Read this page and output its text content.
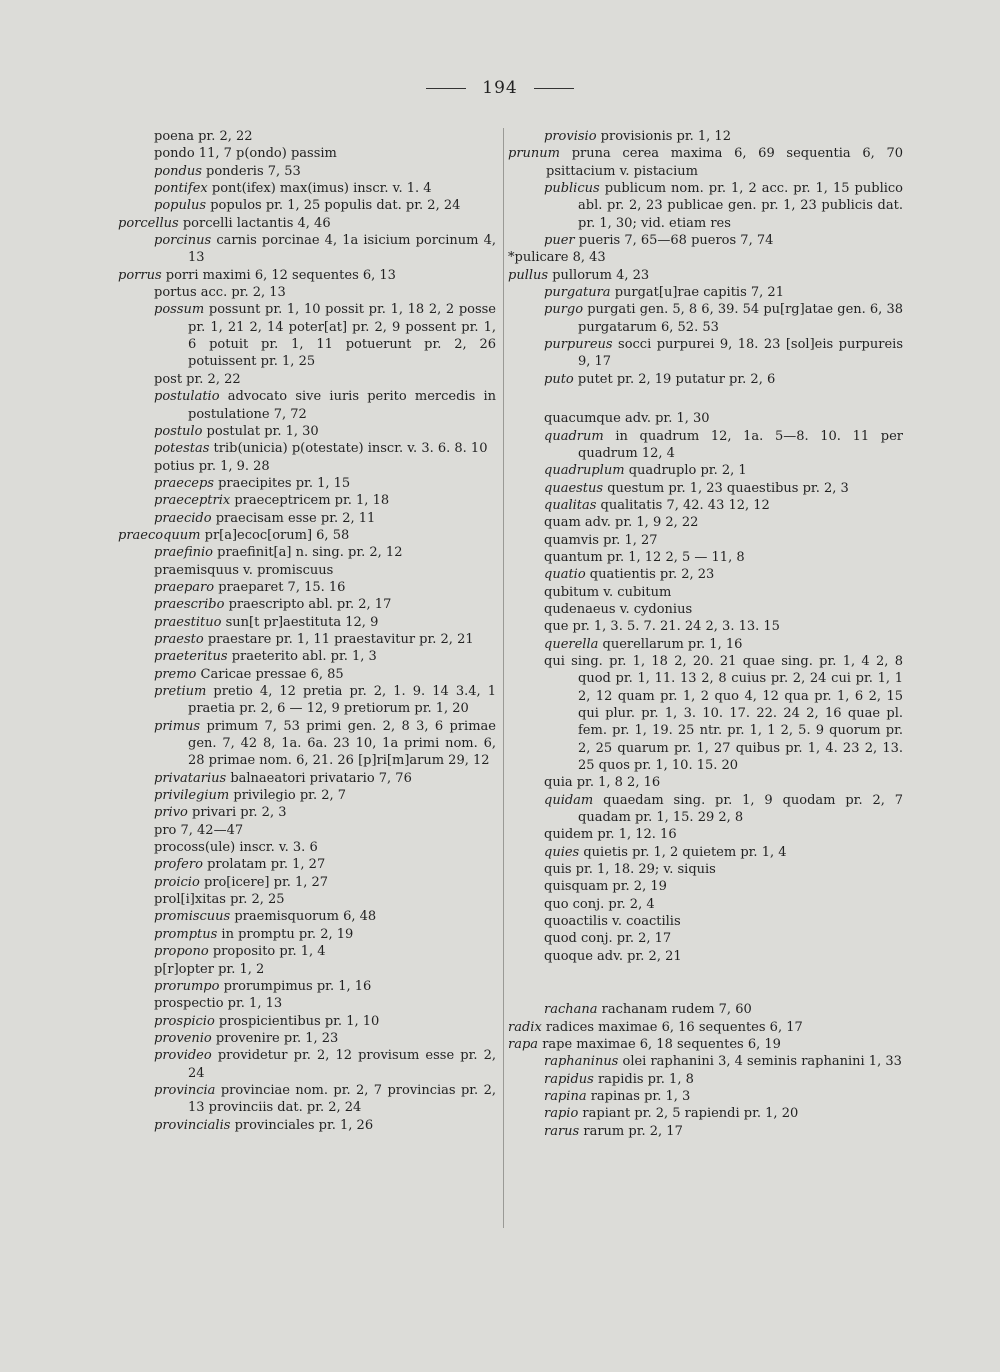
194
poena pr. 2, 22
pondo 11, 7 p(ondo) passim
pondus ponderis 7, 53
pontifex pont(ifex) max(imus) inscr. v. 1. 4
populus populos pr. 1, 25 populis dat. pr. 2, 24
porcellus porcelli lactantis 4, 46
porcinus carnis porcinae 4, 1a isicium porcinum 4, 13
porrus porri maximi 6, 12 sequentes 6, 13
portus acc. pr. 2, 13
possum possunt pr. 1, 10 possit pr. 1, 18 2, 2 posse pr. 1, 21 2, 14 poter[at] pr. 2, 9 possent pr. 1, 6 potuit pr. 1, 11 potuerunt pr. 2, 26 potuissent pr. 1, 25
post pr. 2, 22
postulatio advocato sive iuris perito mercedis in postulatione 7, 72
postulo postulat pr. 1, 30
potestas trib(unicia) p(otestate) inscr. v. 3. 6. 8. 10
potius pr. 1, 9. 28
praeceps praecipites pr. 1, 15
praeceptrix praeceptricem pr. 1, 18
praecido praecisam esse pr. 2, 11
praecoquum pr[a]ecoc[orum] 6, 58
praefinio praefinit[a] n. sing. pr. 2, 12
praemisquus v. promiscuus
praeparo praeparet 7, 15. 16
praescribo praescripto abl. pr. 2, 17
praestituo sun[t pr]aestituta 12, 9
praesto praestare pr. 1, 11 praestavitur pr. 2, 21
praeteritus praeterito abl. pr. 1, 3
premo Caricae pressae 6, 85
pretium pretio 4, 12 pretia pr. 2, 1. 9. 14 3.4, 1 praetia pr. 2, 6 — 12, 9 pretiorum pr. 1, 20
primus primum 7, 53 primi gen. 2, 8 3, 6 primae gen. 7, 42 8, 1a. 6a. 23 10, 1a primi nom. 6, 28 primae nom. 6, 21. 26 [p]ri[m]arum 29, 12
privatarius balnaeatori privatario 7, 76
privilegium privilegio pr. 2, 7
privo privari pr. 2, 3
pro 7, 42—47
procoss(ule) inscr. v. 3. 6
profero prolatam pr. 1, 27
proicio pro[icere] pr. 1, 27
prol[i]xitas pr. 2, 25
promiscuus praemisquorum 6, 48
promptus in promptu pr. 2, 19
propono proposito pr. 1, 4
p[r]opter pr. 1, 2
prorumpo prorumpimus pr. 1, 16
prospectio pr. 1, 13
prospicio prospicientibus pr. 1, 10
provenio provenire pr. 1, 23
provideo providetur pr. 2, 12 provisum esse pr. 2, 24
provincia provinciae nom. pr. 2, 7 provincias pr. 2, 13 provinciis dat. pr. 2, 24
provincialis provinciales pr. 1, 26
provisio provisionis pr. 1, 12
prunum pruna cerea maxima 6, 69 sequentia 6, 70 psittacium v. pistacium
publicus publicum nom. pr. 1, 2 acc. pr. 1, 15 publico abl. pr. 2, 23 publicae gen. pr. 1, 23 publicis dat. pr. 1, 30; vid. etiam res
puer pueris 7, 65—68 pueros 7, 74
*pulicare 8, 43
pullus pullorum 4, 23
purgatura purgat[u]rae capitis 7, 21
purgo purgati gen. 5, 8 6, 39. 54 pu[rg]atae gen. 6, 38 purgatarum 6, 52. 53
purpureus socci purpurei 9, 18. 23 [sol]eis purpureis 9, 17
puto putet pr. 2, 19 putatur pr. 2, 6
quacumque adv. pr. 1, 30
quadrum in quadrum 12, 1a. 5—8. 10. 11 per quadrum 12, 4
quadruplum quadruplo pr. 2, 1
quaestus questum pr. 1, 23 quaestibus pr. 2, 3
qualitas qualitatis 7, 42. 43 12, 12
quam adv. pr. 1, 9 2, 22
quamvis pr. 1, 27
quantum pr. 1, 12 2, 5 — 11, 8
quatio quatientis pr. 2, 23
qubitum v. cubitum
qudenaeus v. cydonius
que pr. 1, 3. 5. 7. 21. 24 2, 3. 13. 15
querella querellarum pr. 1, 16
qui sing. pr. 1, 18 2, 20. 21 quae sing. pr. 1, 4 2, 8 quod pr. 1, 11. 13 2, 8 cuius pr. 2, 24 cui pr. 1, 1 2, 12 quam pr. 1, 2 quo 4, 12 qua pr. 1, 6 2, 15 qui plur. pr. 1, 3. 10. 17. 22. 24 2, 16 quae pl. fem. pr. 1, 19. 25 ntr. pr. 1, 1 2, 5. 9 quorum pr. 2, 25 quarum pr. 1, 27 quibus pr. 1, 4. 23 2, 13. 25 quos pr. 1, 10. 15. 20
quia pr. 1, 8 2, 16
quidam quaedam sing. pr. 1, 9 quodam pr. 2, 7 quadam pr. 1, 15. 29 2, 8
quidem pr. 1, 12. 16
quies quietis pr. 1, 2 quietem pr. 1, 4
quis pr. 1, 18. 29; v. siquis
quisquam pr. 2, 19
quo conj. pr. 2, 4
quoactilis v. coactilis
quod conj. pr. 2, 17
quoque adv. pr. 2, 21
rachana rachanam rudem 7, 60
radix radices maximae 6, 16 sequentes 6, 17
rapa rape maximae 6, 18 sequentes 6, 19
raphaninus olei raphanini 3, 4 seminis raphanini 1, 33
rapidus rapidis pr. 1, 8
rapina rapinas pr. 1, 3
rapio rapiant pr. 2, 5 rapiendi pr. 1, 20
rarus rarum pr. 2, 17
